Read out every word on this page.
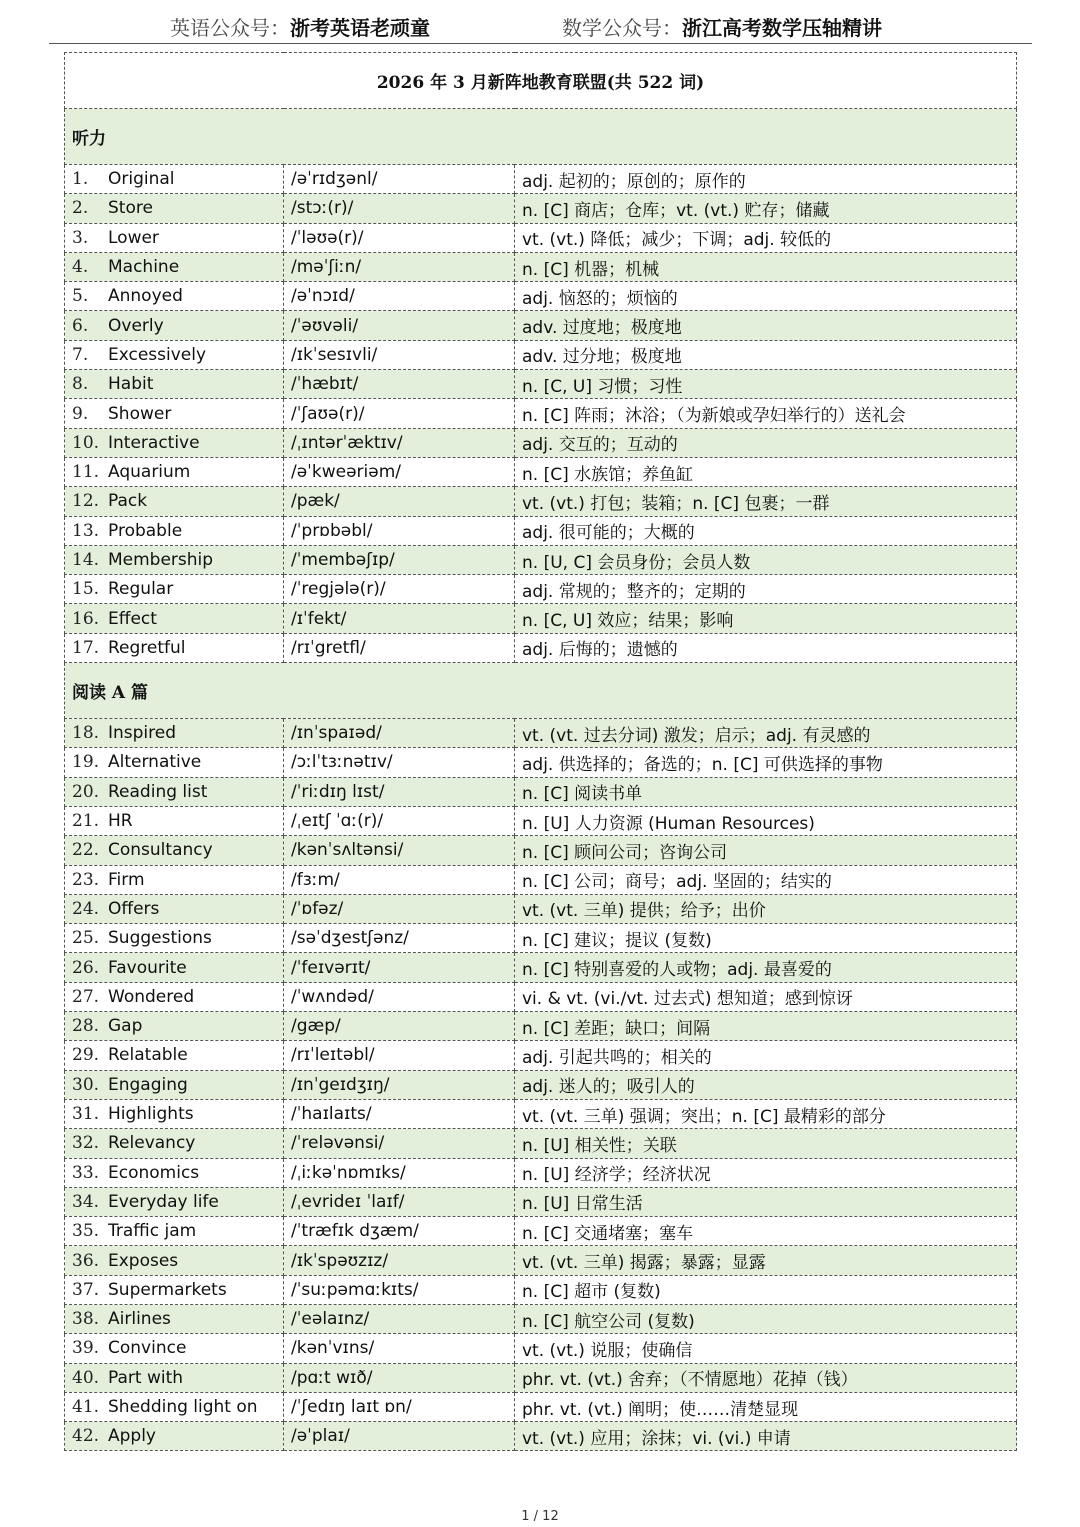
英语公众号：浙考英语老顽童	数学公众号：浙江高考数学压轴精讲
2026 年 3 月新阵地教育联盟(共 522 词)		
听力		
1. Original	/əˈrɪdʒənl/	adj. 起初的；原创的；原作的
2. Store	/stɔː(r)/	n. [C] 商店；仓库；vt. (vt.) 贮存；储藏
3. Lower	/ˈləʊə(r)/	vt. (vt.) 降低；减少；下调；adj. 较低的
4. Machine	/məˈʃiːn/	n. [C] 机器；机械
5. Annoyed	/əˈnɔɪd/	adj. 恼怒的；烦恼的
6. Overly	/ˈəʊvəli/	adv. 过度地；极度地
7. Excessively	/ɪkˈsesɪvli/	adv. 过分地；极度地
8. Habit	/ˈhæbɪt/	n. [C, U] 习惯；习性
9. Shower	/ˈʃaʊə(r)/	n. [C] 阵雨；沐浴；（为新娘或孕妇举行的）送礼会
10. Interactive	/ˌɪntərˈæktɪv/	adj. 交互的；互动的
11. Aquarium	/əˈkweəriəm/	n. [C] 水族馆；养鱼缸
12. Pack	/pæk/	vt. (vt.) 打包；装箱；n. [C] 包裹；一群
13. Probable	/ˈprɒbəbl/	adj. 很可能的；大概的
14. Membership	/ˈmembəʃɪp/	n. [U, C] 会员身份；会员人数
15. Regular	/ˈregjələ(r)/	adj. 常规的；整齐的；定期的
16. Effect	/ɪˈfekt/	n. [C, U] 效应；结果；影响
17. Regretful	/rɪˈgretfl/	adj. 后悔的；遗憾的
阅读 A 篇		
18. Inspired	/ɪnˈspaɪəd/	vt. (vt. 过去分词) 激发；启示；adj. 有灵感的
19. Alternative	/ɔːlˈtɜːnətɪv/	adj. 供选择的；备选的；n. [C] 可供选择的事物
20. Reading list	/ˈriːdɪŋ lɪst/	n. [C] 阅读书单
21. HR	/ˌeɪtʃ ˈɑː(r)/	n. [U] 人力资源 (Human Resources)
22. Consultancy	/kənˈsʌltənsi/	n. [C] 顾问公司；咨询公司
23. Firm	/fɜːm/	n. [C] 公司；商号；adj. 坚固的；结实的
24. Offers	/ˈɒfəz/	vt. (vt. 三单) 提供；给予；出价
25. Suggestions	/səˈdʒestʃənz/	n. [C] 建议；提议 (复数)
26. Favourite	/ˈfeɪvərɪt/	n. [C] 特别喜爱的人或物；adj. 最喜爱的
27. Wondered	/ˈwʌndəd/	vi. & vt. (vi./vt. 过去式) 想知道；感到惊讶
28. Gap	/gæp/	n. [C] 差距；缺口；间隔
29. Relatable	/rɪˈleɪtəbl/	adj. 引起共鸣的；相关的
30. Engaging	/ɪnˈgeɪdʒɪŋ/	adj. 迷人的；吸引人的
31. Highlights	/ˈhaɪlaɪts/	vt. (vt. 三单) 强调；突出；n. [C] 最精彩的部分
32. Relevancy	/ˈreləvənsi/	n. [U] 相关性；关联
33. Economics	/ˌiːkəˈnɒmɪks/	n. [U] 经济学；经济状况
34. Everyday life	/ˌevrideɪ ˈlaɪf/	n. [U] 日常生活
35. Traffic jam	/ˈtræfɪk dʒæm/	n. [C] 交通堵塞；塞车
36. Exposes	/ɪkˈspəʊzɪz/	vt. (vt. 三单) 揭露；暴露；显露
37. Supermarkets	/ˈsuːpəmɑːkɪts/	n. [C] 超市 (复数)
38. Airlines	/ˈeəlaɪnz/	n. [C] 航空公司 (复数)
39. Convince	/kənˈvɪns/	vt. (vt.) 说服；使确信
40. Part with	/pɑːt wɪð/	phr. vt. (vt.) 舍弃；（不情愿地）花掉（钱）
41. Shedding light on	/ˈʃedɪŋ laɪt ɒn/	phr. vt. (vt.) 阐明；使……清楚显现
42. Apply	/əˈplaɪ/	vt. (vt.) 应用；涂抹；vi. (vi.) 申请
1 / 12
